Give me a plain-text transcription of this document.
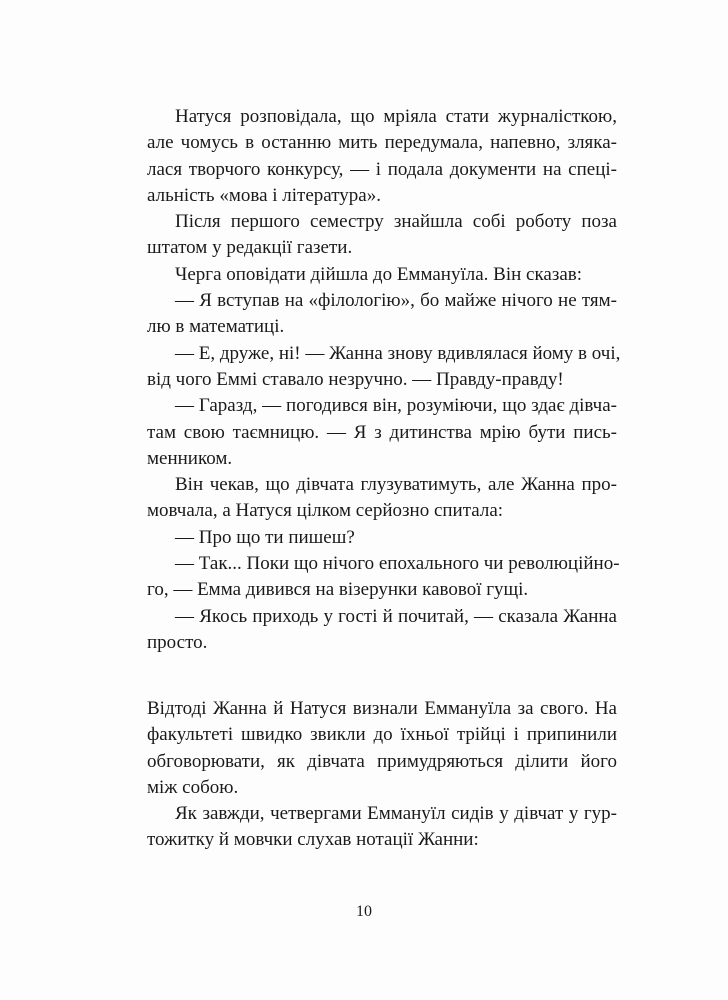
Натуся розповідала, що мріяла стати журналісткою,
але чомусь в останню мить передумала, напевно, зляка-
лася творчого конкурсу, — і подала документи на спеці-
альність «мова і література».
Після першого семестру знайшла собі роботу поза
штатом у редакції газети.
Черга оповідати дійшла до Еммануїла. Він сказав:
— Я вступав на «філологію», бо майже нічого не тям-
лю в математиці.
— Е, друже, ні! — Жанна знову вдивлялася йому в очі,
від чого Еммі ставало незручно. — Правду-правду!
— Гаразд, — погодився він, розуміючи, що здає дівча-
там свою таємницю. — Я з дитинства мрію бути пись-
менником.
Він чекав, що дівчата глузуватимуть, але Жанна про-
мовчала, а Натуся цілком серйозно спитала:
— Про що ти пишеш?
— Так... Поки що нічого епохального чи революційно-
го, — Емма дивився на візерунки кавової гущі.
— Якось приходь у гості й почитай, — сказала Жанна
просто.
Відтоді Жанна й Натуся визнали Еммануїла за свого. На
факультеті швидко звикли до їхньої трійці і припинили
обговорювати, як дівчата примудряються ділити його
між собою.
Як завжди, четвергами Еммануїл сидів у дівчат у гур-
тожитку й мовчки слухав нотації Жанни:
10
